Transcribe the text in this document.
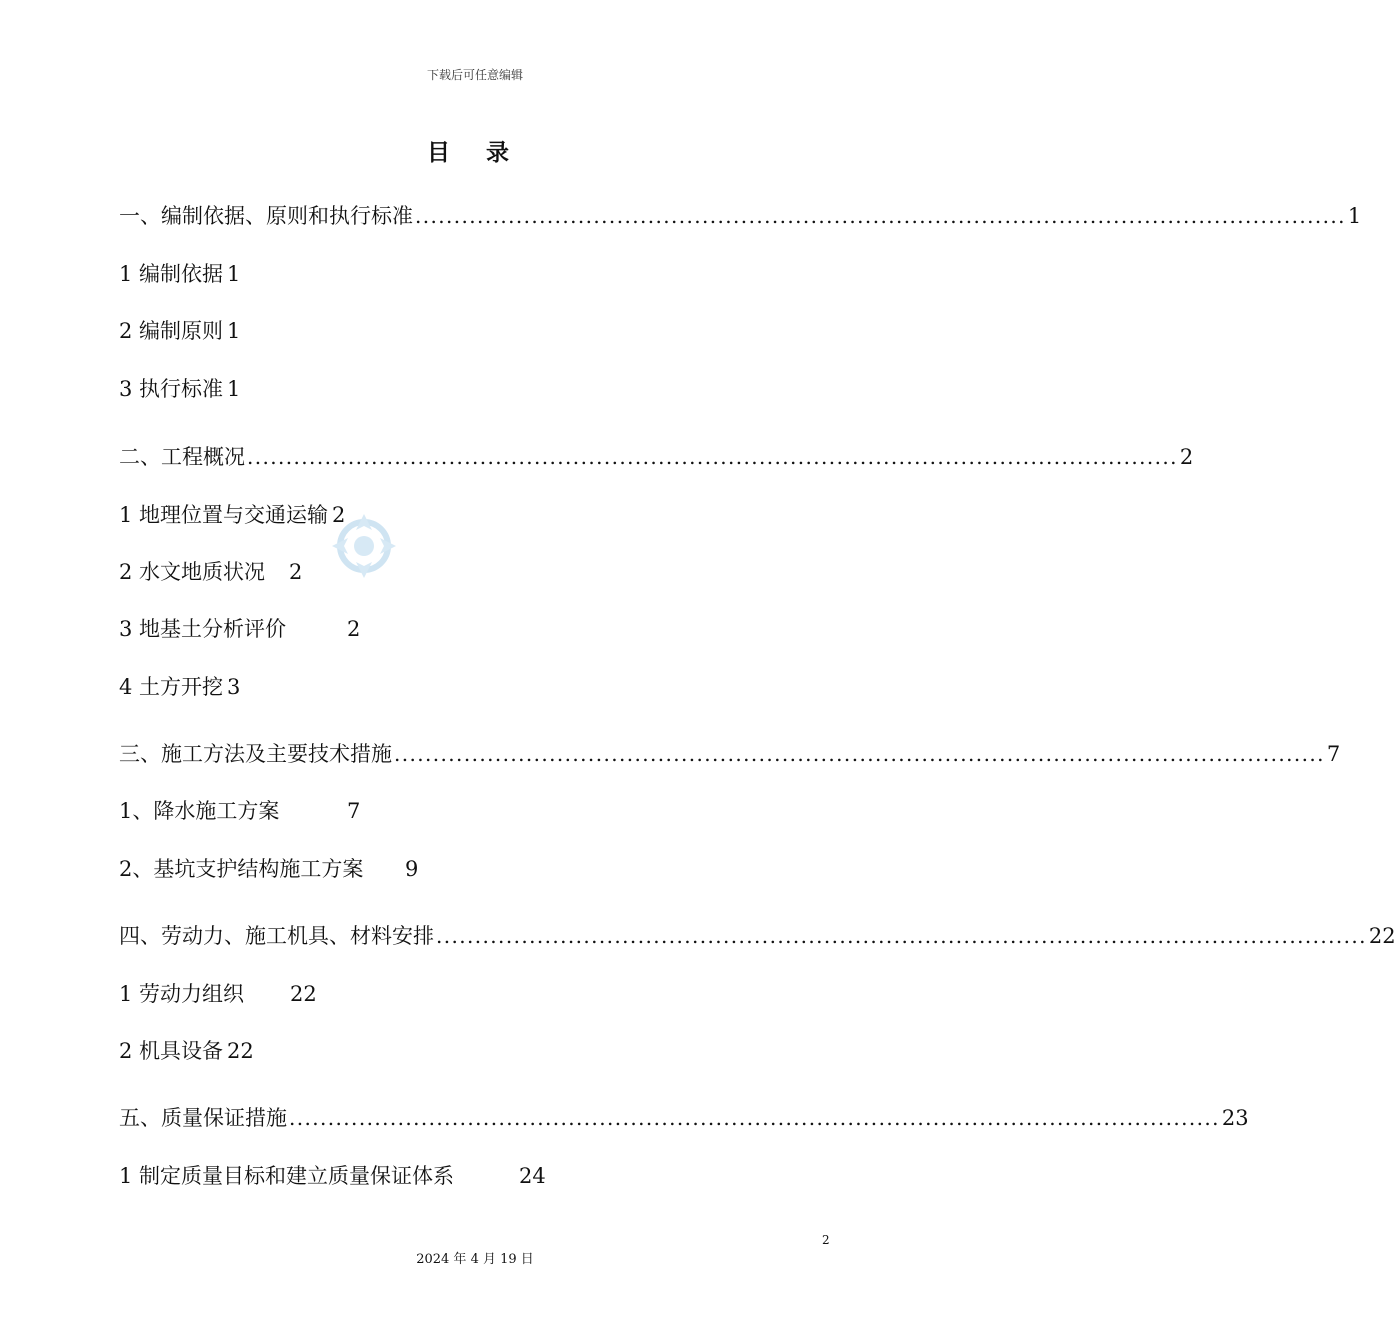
下载后可任意编辑
目 录
一、编制依据、原则和执行标准 ........................................................................................................................ 1
1 编制依据 1
2 编制原则 1
3 执行标准 1
二、工程概况 ........................................................................................................................ 2
1 地理位置与交通运输 2
2 水文地质状况 2
3 地基土分析评价	2
4 土方开挖 3
三、施工方法及主要技术措施 ........................................................................................................................ 7
1、降水施工方案	7
2、基坑支护结构施工方案 9
四、劳动力、施工机具、材料安排 ........................................................................................................................ 22
1 劳动力组织 22
2 机具设备 22
五、质量保证措施 ........................................................................................................................ 23
1 制定质量目标和建立质量保证体系	24
2
2024 年 4 月 19 日
